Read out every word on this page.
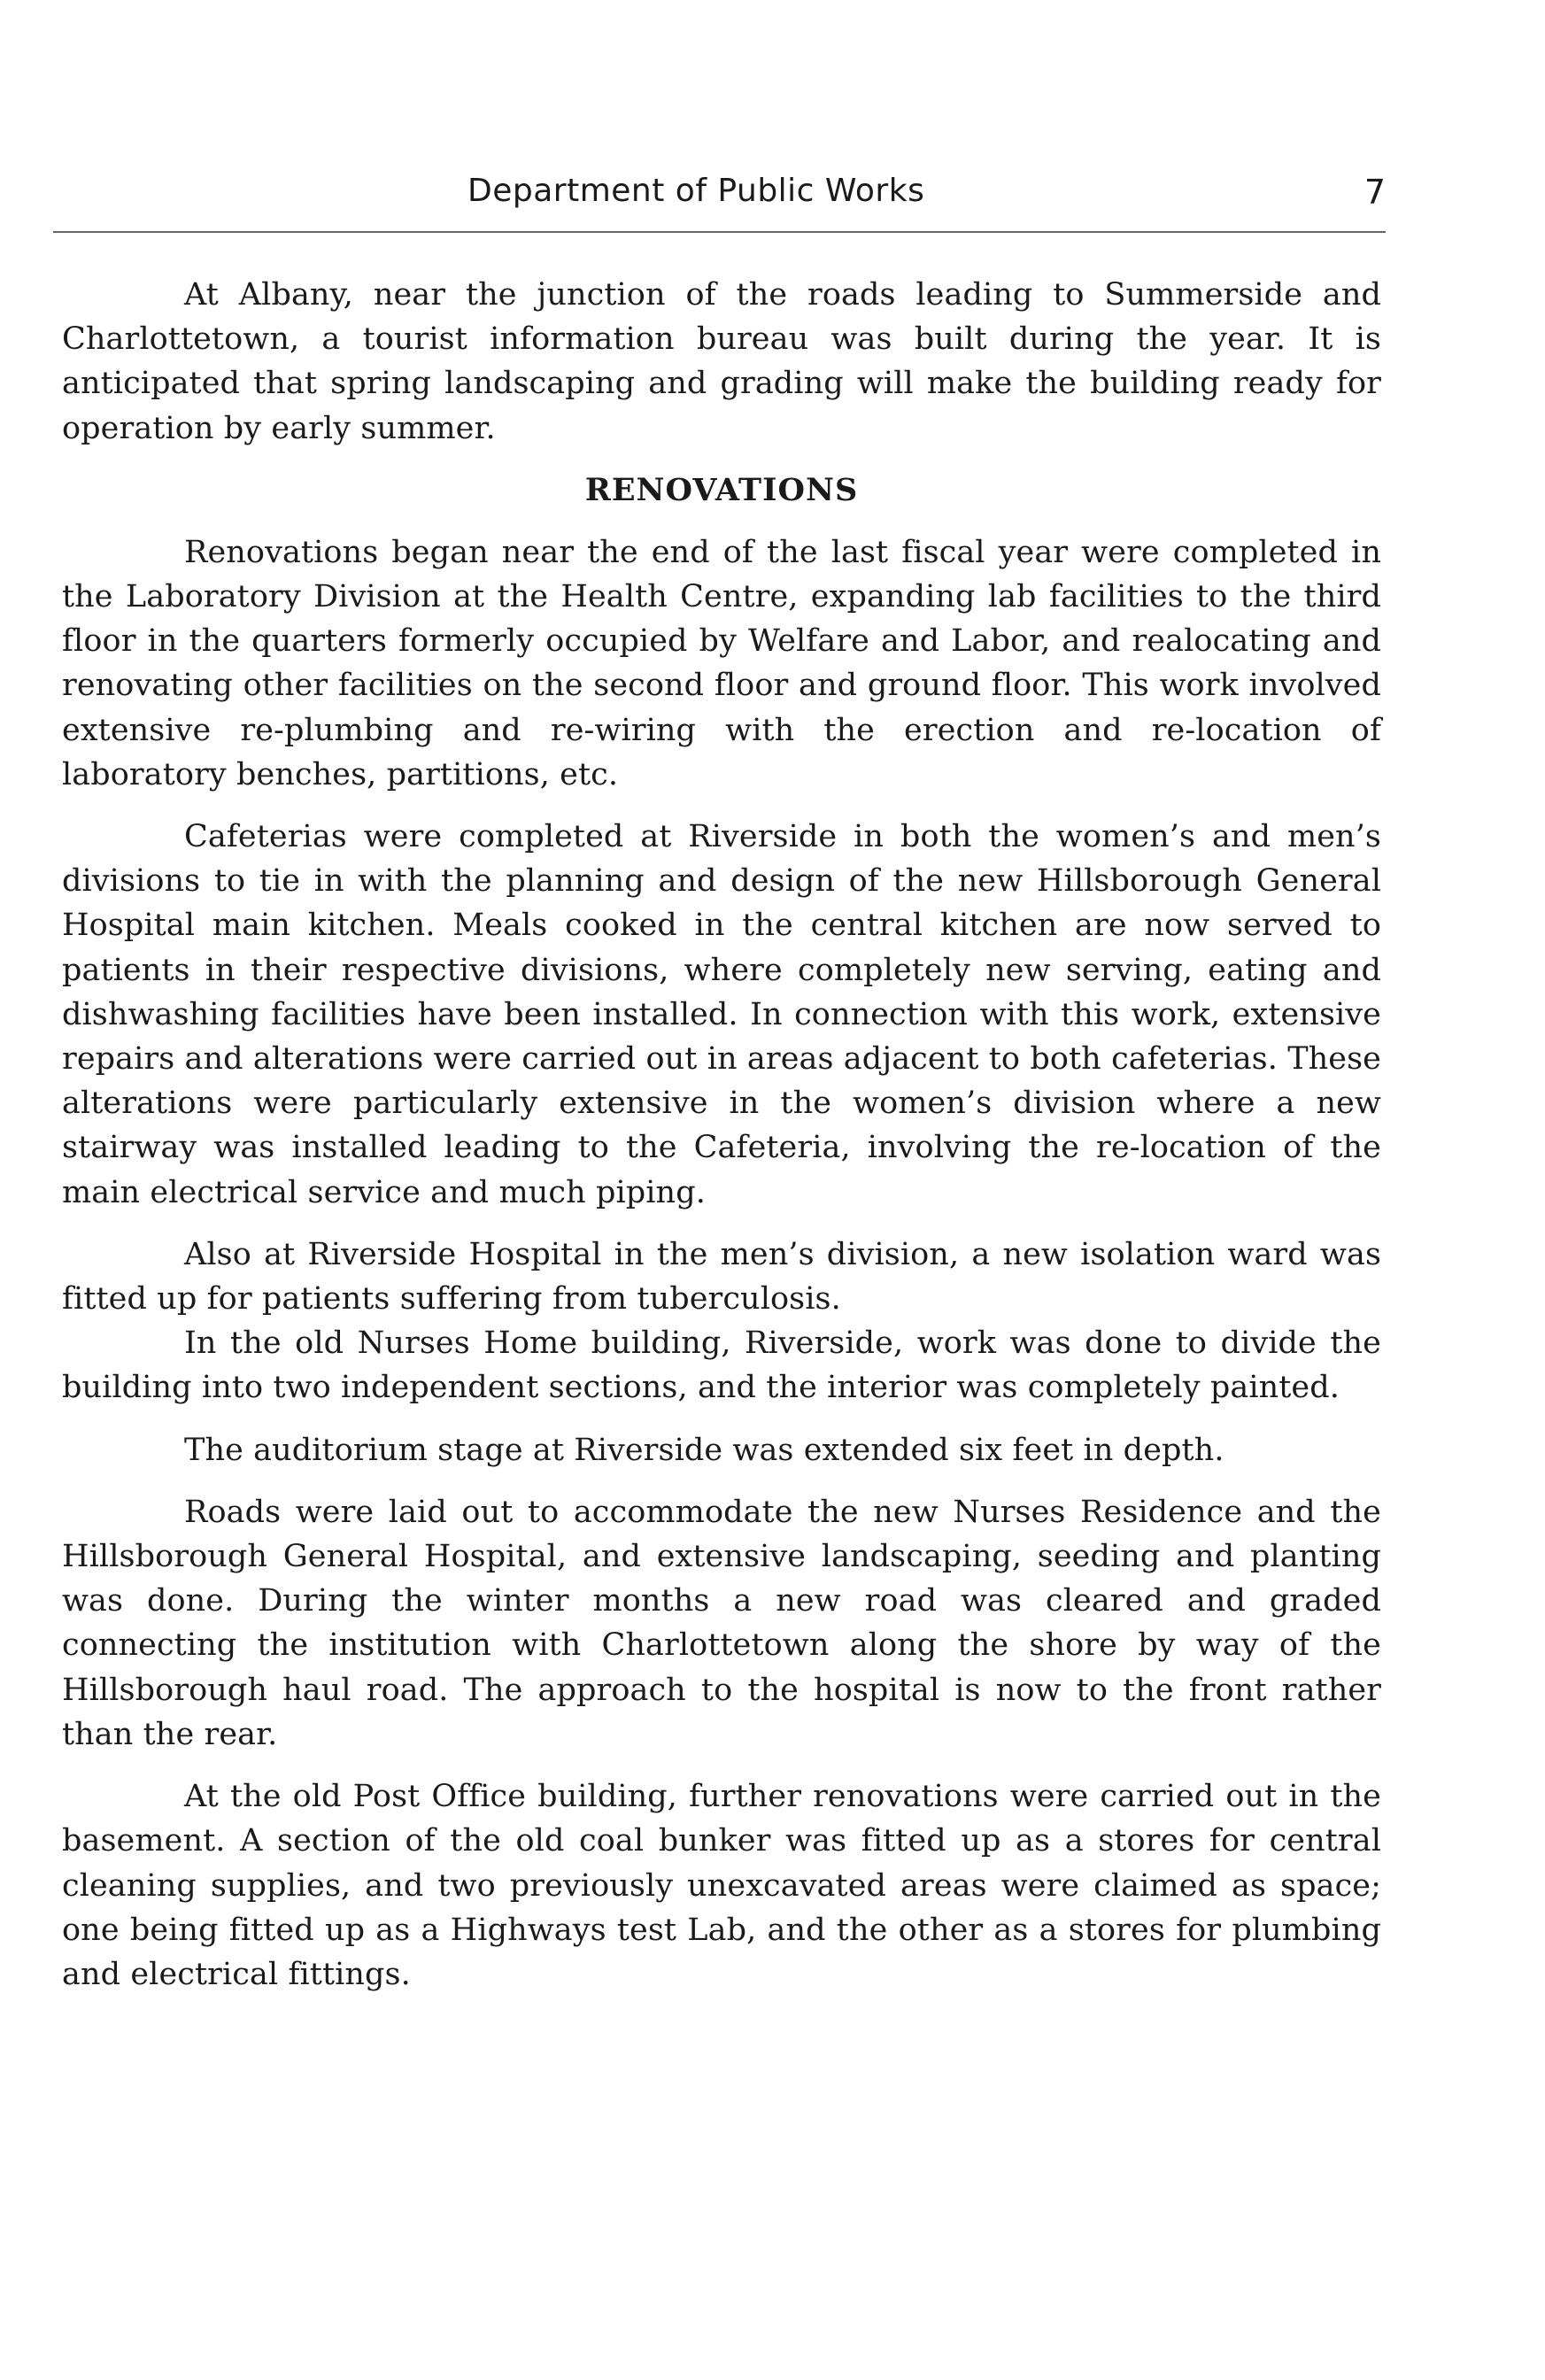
Department of Public Works	7

At Albany, near the junction of the roads leading to Summerside and Charlottetown, a tourist information bureau was built during the year. It is anticipated that spring landscaping and grading will make the building ready for operation by early summer.

RENOVATIONS

Renovations began near the end of the last fiscal year were completed in the Laboratory Division at the Health Centre, expanding lab facilities to the third floor in the quarters formerly occupied by Welfare and Labor, and realocating and renovating other facilities on the second floor and ground floor. This work involved extensive re-plumbing and re-wiring with the erection and re-location of laboratory benches, partitions, etc.

Cafeterias were completed at Riverside in both the women’s and men’s divisions to tie in with the planning and design of the new Hillsborough General Hospital main kitchen. Meals cooked in the central kitchen are now served to patients in their respective divisions, where completely new serving, eating and dishwashing facilities have been installed. In connection with this work, extensive repairs and alterations were carried out in areas adjacent to both cafeterias. These alterations were particularly extensive in the women’s division where a new stairway was installed leading to the Cafeteria, involving the re-location of the main electrical service and much piping.

Also at Riverside Hospital in the men’s division, a new isolation ward was fitted up for patients suffering from tuberculosis.

In the old Nurses Home building, Riverside, work was done to divide the building into two independent sections, and the interior was completely painted.

The auditorium stage at Riverside was extended six feet in depth.

Roads were laid out to accommodate the new Nurses Residence and the Hillsborough General Hospital, and extensive landscaping, seeding and planting was done. During the winter months a new road was cleared and graded connecting the institution with Charlottetown along the shore by way of the Hillsborough haul road. The approach to the hospital is now to the front rather than the rear.

At the old Post Office building, further renovations were carried out in the basement. A section of the old coal bunker was fitted up as a stores for central cleaning supplies, and two previously unexcavated areas were claimed as space; one being fitted up as a Highways test Lab, and the other as a stores for plumbing and electrical fittings.
